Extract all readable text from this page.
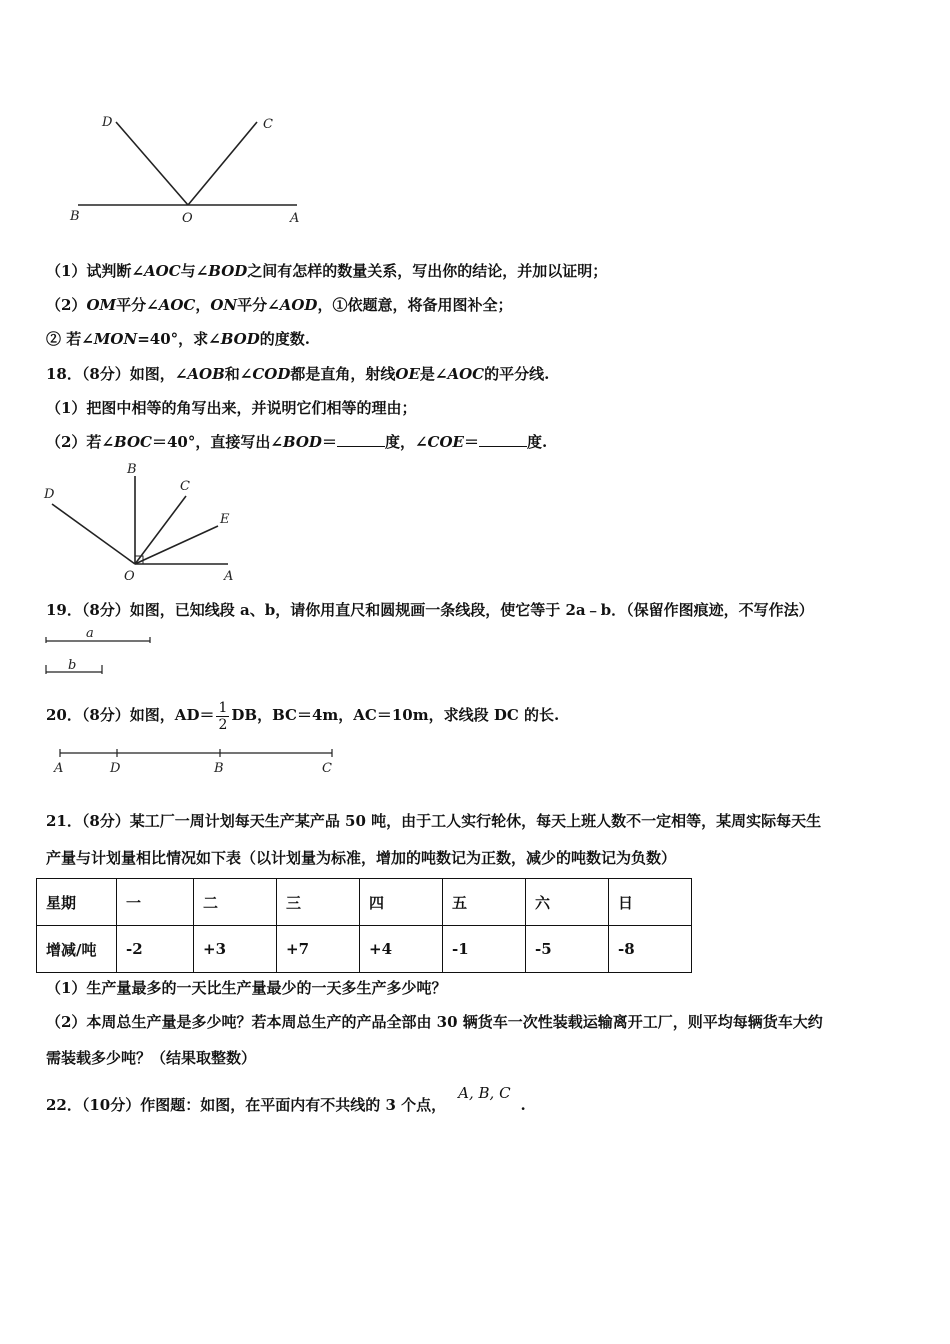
D	C
B	O	A
（1）试判断∠AOC与∠BOD之间有怎样的数量关系，写出你的结论，并加以证明；
（2）OM平分∠AOC，ON平分∠AOD，①依题意，将备用图补全；
② 若∠MON=40°，求∠BOD的度数.
18．（8分）如图，∠AOB和∠COD都是直角，射线OE是∠AOC的平分线.
（1）把图中相等的角写出来，并说明它们相等的理由；
（2）若∠BOC＝40°，直接写出∠BOD＝	度，∠COE＝	度.
B
C
D
E
O	A
19．（8分）如图，已知线段 a、b，请你用直尺和圆规画一条线段，使它等于 2a﹣b．（保留作图痕迹，不写作法）
a
b
20．（8分）如图，$AD= \frac{1}{2}$ DB，BC＝4m，AC＝10m，求线段 DC 的长.
A	D	B	C
21．（8分）某工厂一周计划每天生产某产品 50 吨，由于工人实行轮休，每天上班人数不一定相等，某周实际每天生
产量与计划量相比情况如下表（以计划量为标准，增加的吨数记为正数，减少的吨数记为负数）
星期	一	二	三	四	五	六	日
增减/吨	-2	+3	+7	+4	-1	-5	-8
（1）生产量最多的一天比生产量最少的一天多生产多少吨？
（2）本周总生产量是多少吨？若本周总生产的产品全部由 30 辆货车一次性装载运输离开工厂，则平均每辆货车大约
需装载多少吨？（结果取整数）
22．（10分）作图题：如图，在平面内有不共线的 3 个点，A, B, C.
